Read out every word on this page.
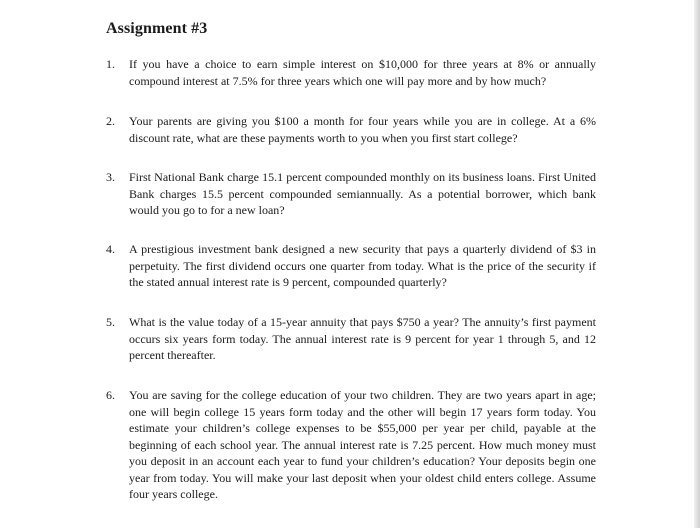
Assignment #3
1. If you have a choice to earn simple interest on $10,000 for three years at 8% or annually compound interest at 7.5% for three years which one will pay more and by how much?
2. Your parents are giving you $100 a month for four years while you are in college. At a 6% discount rate, what are these payments worth to you when you first start college?
3. First National Bank charge 15.1 percent compounded monthly on its business loans. First United Bank charges 15.5 percent compounded semiannually. As a potential borrower, which bank would you go to for a new loan?
4. A prestigious investment bank designed a new security that pays a quarterly dividend of $3 in perpetuity. The first dividend occurs one quarter from today. What is the price of the security if the stated annual interest rate is 9 percent, compounded quarterly?
5. What is the value today of a 15-year annuity that pays $750 a year? The annuity’s first payment occurs six years form today. The annual interest rate is 9 percent for year 1 through 5, and 12 percent thereafter.
6. You are saving for the college education of your two children. They are two years apart in age; one will begin college 15 years form today and the other will begin 17 years form today. You estimate your children’s college expenses to be $55,000 per year per child, payable at the beginning of each school year. The annual interest rate is 7.25 percent. How much money must you deposit in an account each year to fund your children’s education? Your deposits begin one year from today. You will make your last deposit when your oldest child enters college. Assume four years college.
